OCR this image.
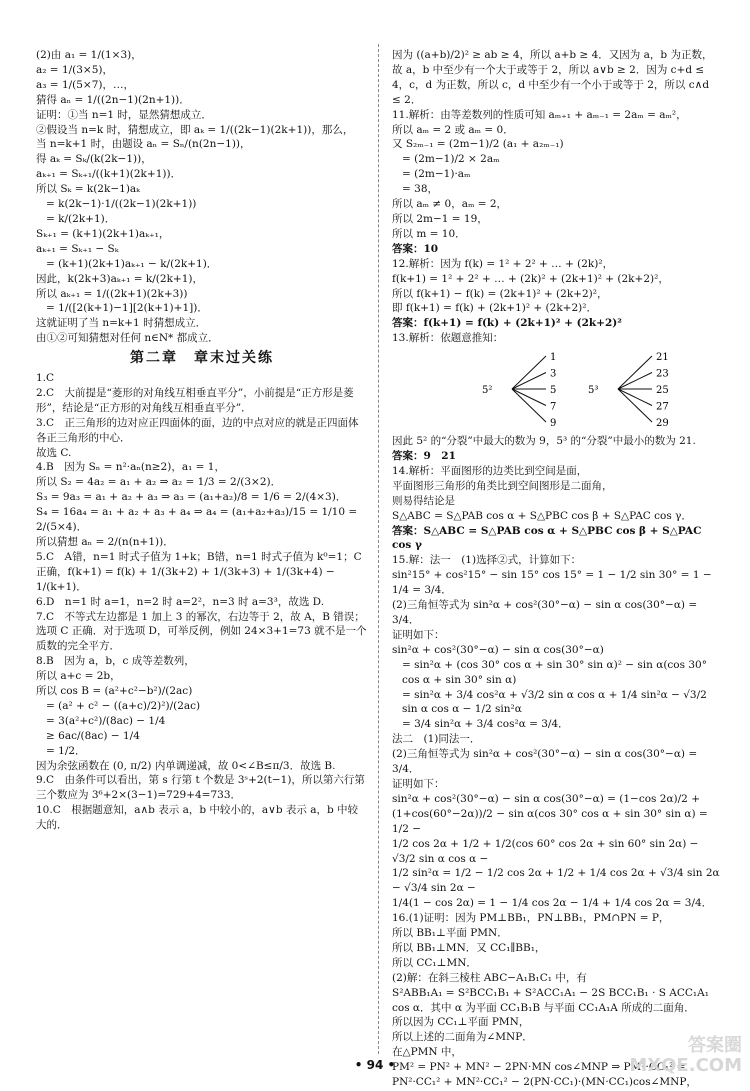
(2)由 a₁ = 1/(1×3)，
a₂ = 1/(3×5)，
a₃ = 1/(5×7)，…，
猜得 aₙ = 1/((2n−1)(2n+1))．
证明：①当 n=1 时，显然猜想成立．
②假设当 n=k 时，猜想成立，即 aₖ = 1/((2k−1)(2k+1))，那么，
当 n=k+1 时，由题设 aₙ = Sₙ/(n(2n−1))，
得 aₖ = Sₖ/(k(2k−1))，
aₖ₊₁ = Sₖ₊₁/((k+1)(2k+1))．
所以 Sₖ = k(2k−1)aₖ
= k(2k−1)·1/((2k−1)(2k+1))
= k/(2k+1)．
Sₖ₊₁ = (k+1)(2k+1)aₖ₊₁，
aₖ₊₁ = Sₖ₊₁ − Sₖ
= (k+1)(2k+1)aₖ₊₁ − k/(2k+1)．
因此，k(2k+3)aₖ₊₁ = k/(2k+1)，
所以 aₖ₊₁ = 1/((2k+1)(2k+3))
= 1/([2(k+1)−1][2(k+1)+1])．
这就证明了当 n=k+1 时猜想成立．
由①②可知猜想对任何 n∈N* 都成立．
第二章　章末过关练
1.C
2.C　大前提是“菱形的对角线互相垂直平分”，小前提是“正方形是菱形”，结论是“正方形的对角线互相垂直平分”．
3.C　正三角形的边对应正四面体的面，边的中点对应的就是正四面体各正三角形的中心．
故选 C.
4.B　因为 Sₙ = n²·aₙ(n≥2)，a₁ = 1，
所以 S₂ = 4a₂ = a₁ + a₂ ⇒ a₂ = 1/3 = 2/(3×2)．
S₃ = 9a₃ = a₁ + a₂ + a₃ ⇒ a₃ = (a₁+a₂)/8 = 1/6 = 2/(4×3)．
S₄ = 16a₄ = a₁ + a₂ + a₃ + a₄ ⇒ a₄ = (a₁+a₂+a₃)/15 = 1/10 = 2/(5×4)．
所以猜想 aₙ = 2/(n(n+1))．
5.C　A错，n=1 时式子值为 1+k；B错，n=1 时式子值为 k⁰=1；C正确，f(k+1) = f(k) + 1/(3k+2) + 1/(3k+3) + 1/(3k+4) − 1/(k+1)．
6.D　n=1 时 a=1，n=2 时 a=2²，n=3 时 a=3³，故选 D.
7.C　不等式左边都是 1 加上 3 的幂次，右边等于 2，故 A，B 错误；选项 C 正确．对于选项 D，可举反例，例如 24×3+1=73 就不是一个质数的完全平方．
8.B　因为 a，b，c 成等差数列，
所以 a+c = 2b，
所以 cos B = (a²+c²−b²)/(2ac)
= (a² + c² − ((a+c)/2)²)/(2ac)
= 3(a²+c²)/(8ac) − 1/4
≥ 6ac/(8ac) − 1/4
= 1/2．
因为余弦函数在 (0, π/2) 内单调递减，故 0<∠B≤π/3．故选 B.
9.C　由条件可以看出，第 s 行第 t 个数是 3ˢ+2(t−1)，所以第六行第三个数应为 3⁶+2×(3−1)=729+4=733．
10.C　根据题意知，a∧b 表示 a，b 中较小的，a∨b 表示 a，b 中较大的．
因为 ((a+b)/2)² ≥ ab ≥ 4，所以 a+b ≥ 4．又因为 a，b 为正数，故 a，b 中至少有一个大于或等于 2，所以 a∨b ≥ 2．因为 c+d ≤ 4，c，d 为正数，所以 c，d 中至少有一个小于或等于 2，所以 c∧d ≤ 2．
11.解析：由等差数列的性质可知 aₘ₊₁ + aₘ₋₁ = 2aₘ = aₘ²，
所以 aₘ = 2 或 aₘ = 0．
又 S₂ₘ₋₁ = (2m−1)/2 (a₁ + a₂ₘ₋₁)
= (2m−1)/2 × 2aₘ
= (2m−1)·aₘ
= 38，
所以 aₘ ≠ 0，aₘ = 2，
所以 2m−1 = 19，
所以 m = 10．
答案：10
12.解析：因为 f(k) = 1² + 2² + … + (2k)²，
f(k+1) = 1² + 2² + … + (2k)² + (2k+1)² + (2k+2)²，
所以 f(k+1) − f(k) = (2k+1)² + (2k+2)²，
即 f(k+1) = f(k) + (2k+1)² + (2k+2)²．
答案：f(k+1) = f(k) + (2k+1)² + (2k+2)²
13.解析：依题意推知：
5²
1
3
5
7
9
5³
21
23
25
27
29
因此 5² 的“分裂”中最大的数为 9，5³ 的“分裂”中最小的数为 21.
答案：9　21
14.解析：平面图形的边类比到空间是面，
平面图形三角形的角类比到空间图形是二面角，
则易得结论是
S△ABC = S△PAB cos α + S△PBC cos β + S△PAC cos γ．
答案：S△ABC = S△PAB cos α + S△PBC cos β + S△PAC cos γ
15.解：法一　(1)选择②式，计算如下：
sin²15° + cos²15° − sin 15° cos 15° = 1 − 1/2 sin 30° = 1 − 1/4 = 3/4．
(2)三角恒等式为 sin²α + cos²(30°−α) − sin α cos(30°−α) = 3/4．
证明如下：
sin²α + cos²(30°−α) − sin α cos(30°−α)
= sin²α + (cos 30° cos α + sin 30° sin α)² − sin α(cos 30° cos α + sin 30° sin α)
= sin²α + 3/4 cos²α + √3/2 sin α cos α + 1/4 sin²α − √3/2 sin α cos α − 1/2 sin²α
= 3/4 sin²α + 3/4 cos²α = 3/4．
法二　(1)同法一．
(2)三角恒等式为 sin²α + cos²(30°−α) − sin α cos(30°−α) = 3/4．
证明如下：
sin²α + cos²(30°−α) − sin α cos(30°−α) = (1−cos 2α)/2 + (1+cos(60°−2α))/2 − sin α(cos 30° cos α + sin 30° sin α) = 1/2 −
1/2 cos 2α + 1/2 + 1/2(cos 60° cos 2α + sin 60° sin 2α) − √3/2 sin α cos α −
1/2 sin²α = 1/2 − 1/2 cos 2α + 1/2 + 1/4 cos 2α + √3/4 sin 2α − √3/4 sin 2α −
1/4(1 − cos 2α) = 1 − 1/4 cos 2α − 1/4 + 1/4 cos 2α = 3/4．
16.(1)证明：因为 PM⊥BB₁，PN⊥BB₁，PM∩PN = P，
所以 BB₁⊥平面 PMN．
所以 BB₁⊥MN．又 CC₁∥BB₁，
所以 CC₁⊥MN．
(2)解：在斜三棱柱 ABC−A₁B₁C₁ 中，有
S²ABB₁A₁ = S²BCC₁B₁ + S²ACC₁A₁ − 2S BCC₁B₁ · S ACC₁A₁ cos α．其中 α 为平面 CC₁B₁B 与平面 CC₁A₁A 所成的二面角．
所以因为 CC₁⊥平面 PMN，
所以上述的二面角为∠MNP．
在△PMN 中，
PM² = PN² + MN² − 2PN·MN cos∠MNP ⇒ PM²·CC₁² = PN²·CC₁² + MN²·CC₁² − 2(PN·CC₁)·(MN·CC₁)cos∠MNP，
• 94 •
答案圈 MXQE.COM
